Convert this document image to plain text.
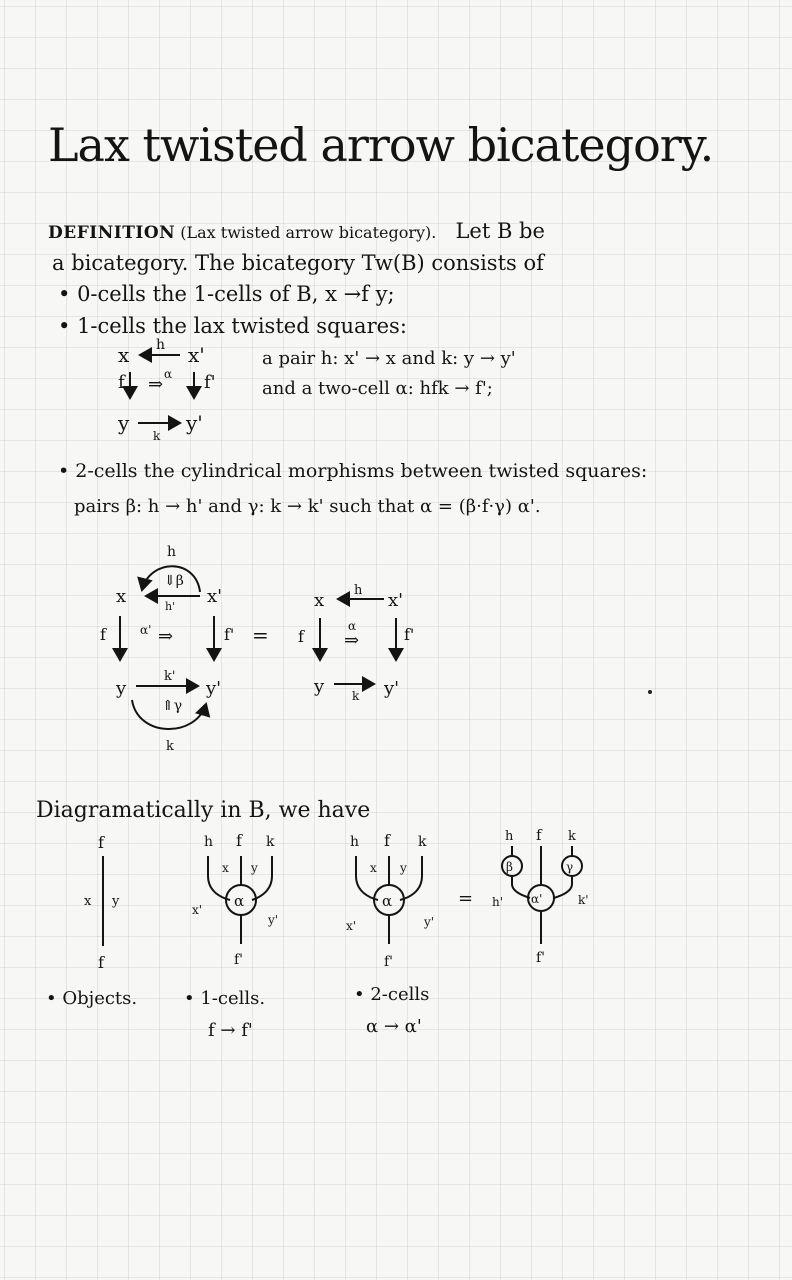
Lax twisted arrow bicategory.
DEFINITION (Lax twisted arrow bicategory). Let B be
a bicategory. The bicategory Tw(B) consists of
• 0-cells the 1-cells of B, x →f y;
• 1-cells the lax twisted squares:
a pair h: x' → x and k: y → y'
and a two-cell α: hfk → f';
• 2-cells the cylindrical morphisms between twisted squares:
pairs β: h → h' and γ: k → k' such that α = (β·f·γ) α'.
x	x'
h
f ⇒ α f'
y
k
y'
h
⇓β
x	h' x'
f	α' ⇒	f'
y
k'
y'
⇑γ
k
=
x h x'
f
α
⇒	f'
y k y'
Diagramatically in B, we have
f
x y
f
h f k
α
x y
x'
y'
f'
h f k
α
x y
x'	y'
f'
=
h f k
β	γ
α'
h'	k'
f'
• Objects.	• 1-cells.
f → f'
• 2-cells
α → α'
